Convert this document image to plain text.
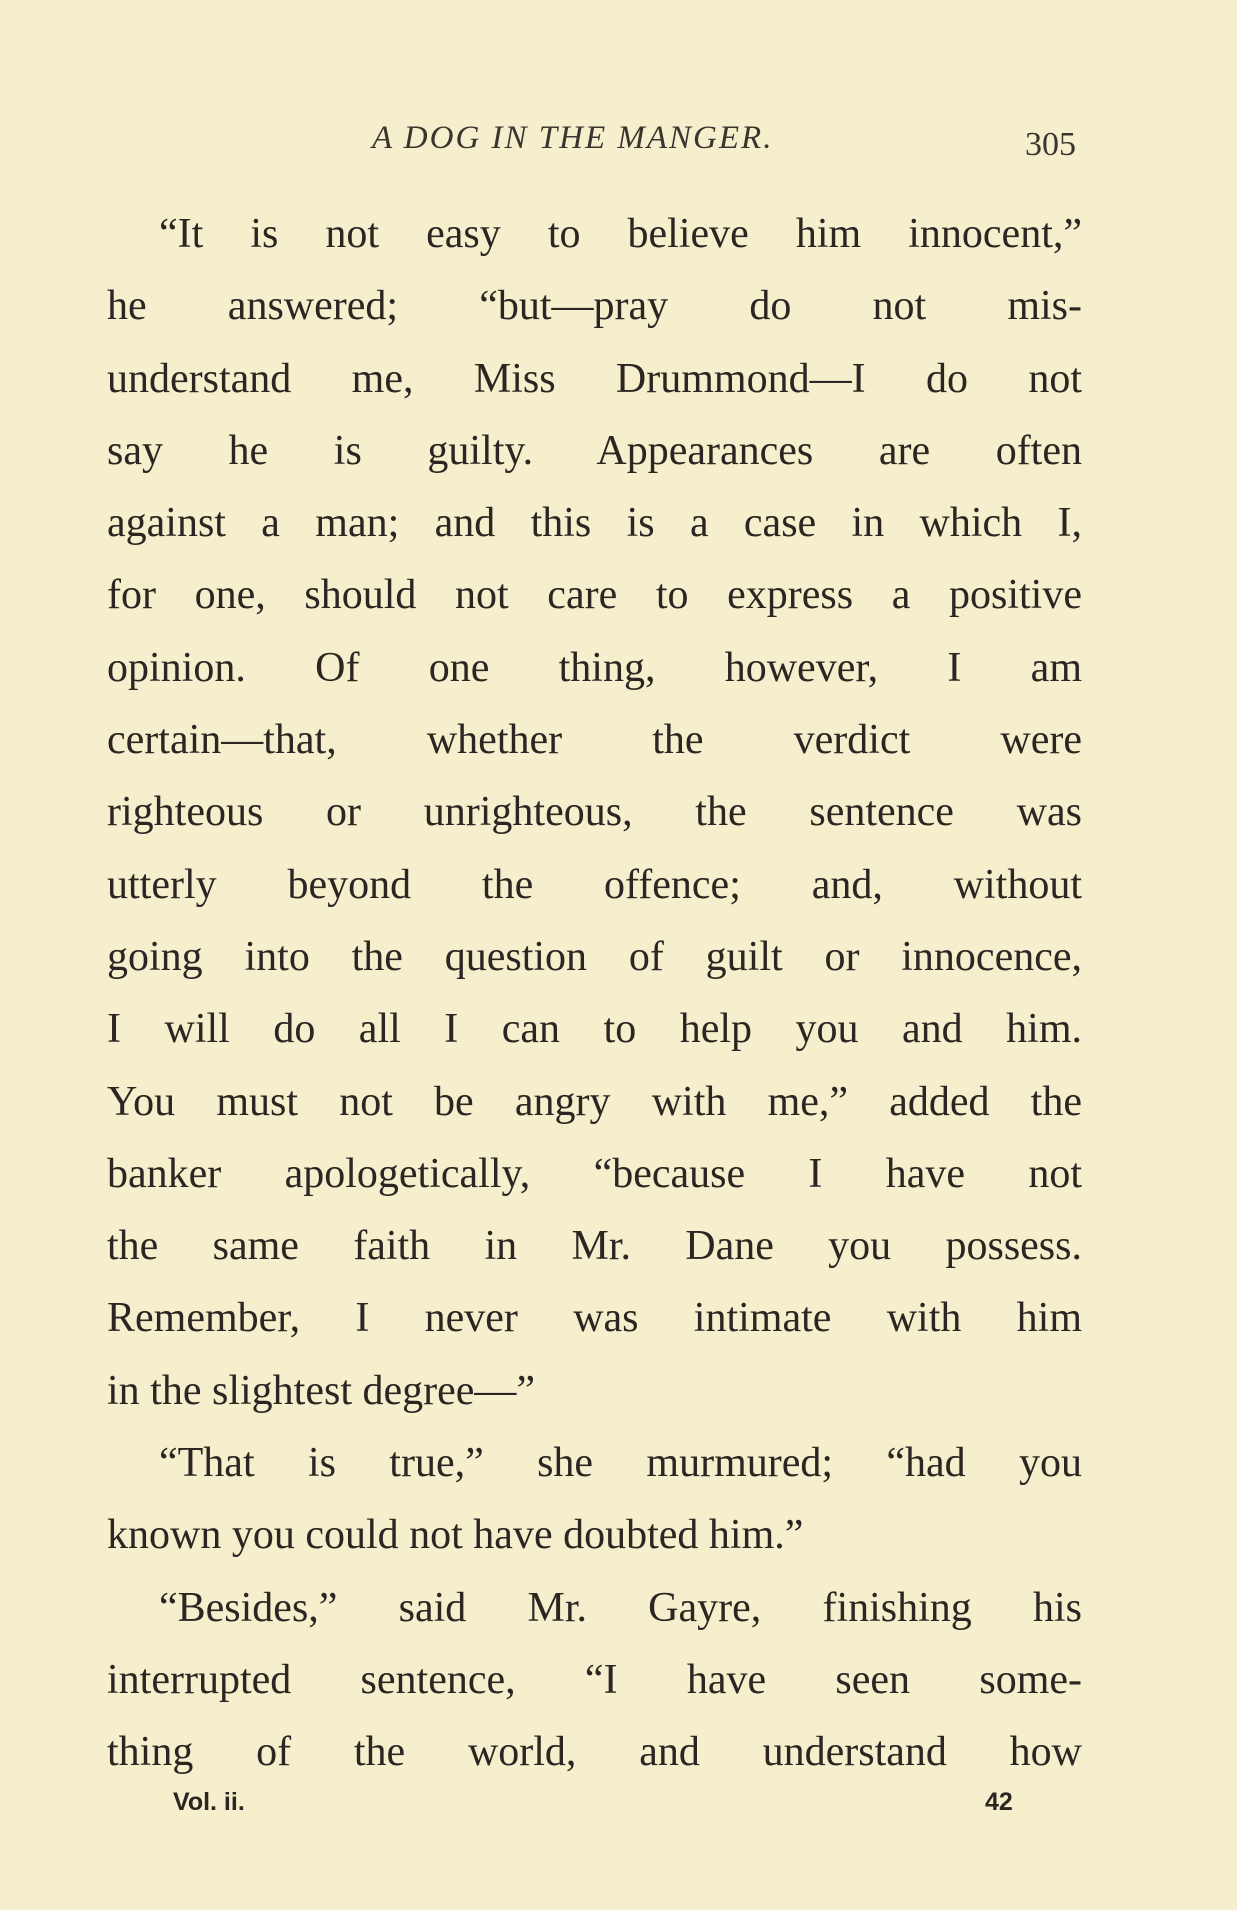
A DOG IN THE MANGER.	305
“It is not easy to believe him innocent,”
he answered; “but—pray do not mis-
understand me, Miss Drummond—I do not
say he is guilty. Appearances are often
against a man; and this is a case in which I,
for one, should not care to express a positive
opinion. Of one thing, however, I am
certain—that, whether the verdict were
righteous or unrighteous, the sentence was
utterly beyond the offence; and, without
going into the question of guilt or innocence,
I will do all I can to help you and him.
You must not be angry with me,” added the
banker apologetically, “because I have not
the same faith in Mr. Dane you possess.
Remember, I never was intimate with him
in the slightest degree—”
“That is true,” she murmured; “had you
known you could not have doubted him.”
“Besides,” said Mr. Gayre, finishing his
interrupted sentence, “I have seen some-
thing of the world, and understand how
Vol. ii.	42
